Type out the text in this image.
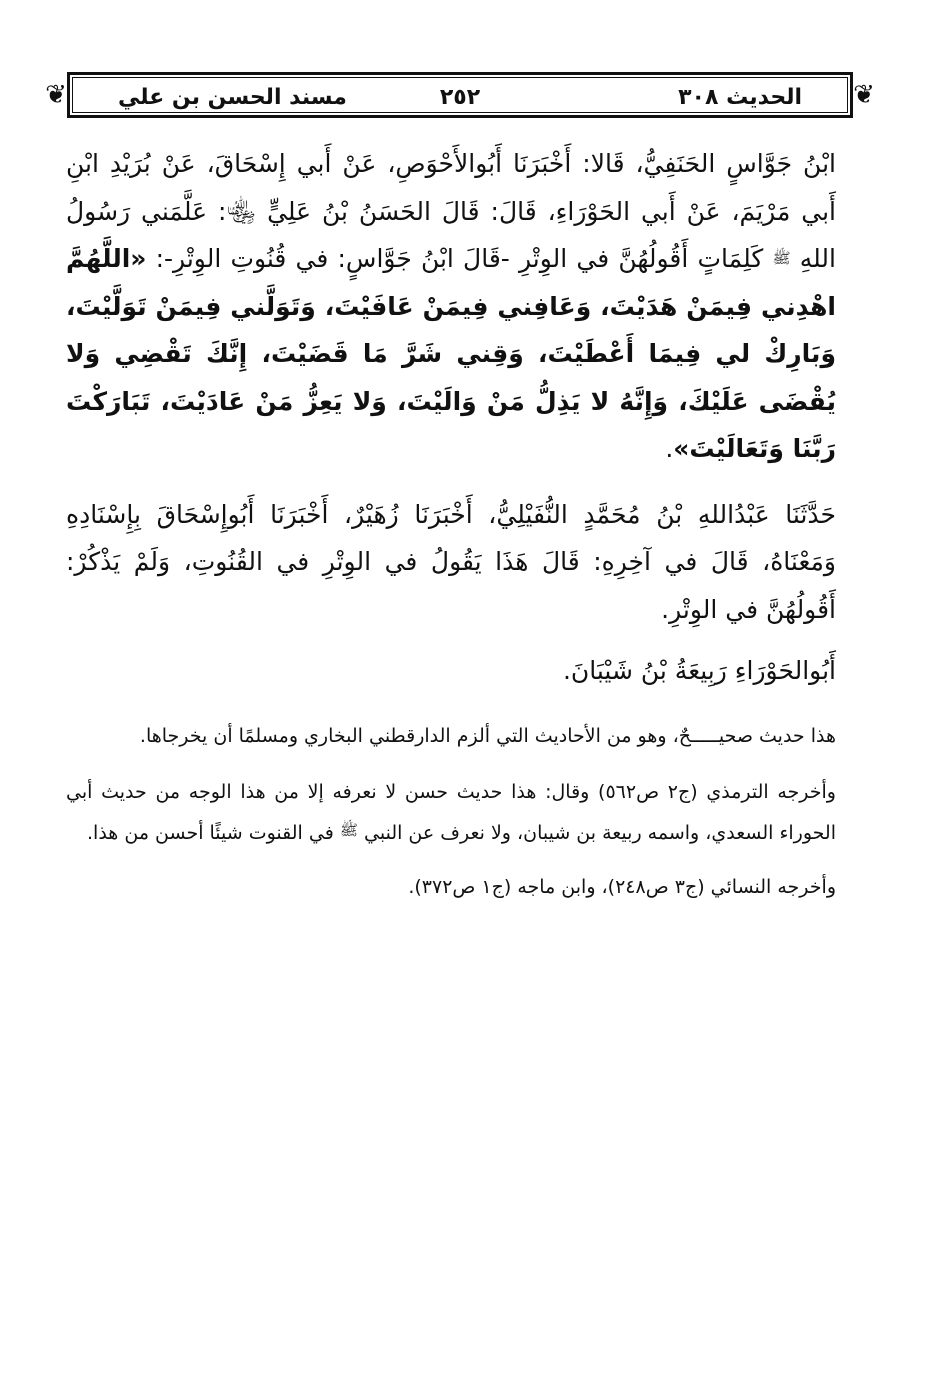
❦	الحديث ٣٠٨
٢٥٢
مسند الحسن بن علي	❦

ابْنُ جَوَّاسٍ الحَنَفِيُّ، قَالا: أَخْبَرَنَا أَبُوالأَحْوَصِ، عَنْ أَبي إِسْحَاقَ، عَنْ بُرَيْدِ ابْنِ أَبي مَرْيَمَ، عَنْ أَبي الحَوْرَاءِ، قَالَ: قَالَ الحَسَنُ بْنُ عَلِيٍّ ﵄: عَلَّمَني رَسُولُ اللهِ ﷺ كَلِمَاتٍ أَقُولُهُنَّ في الوِتْرِ -قَالَ ابْنُ جَوَّاسٍ: في قُنُوتِ الوِتْرِ-: «اللَّهُمَّ اهْدِني فِيمَنْ هَدَيْتَ، وَعَافِني فِيمَنْ عَافَيْتَ، وَتَوَلَّني فِيمَنْ تَوَلَّيْتَ، وَبَارِكْ لي فِيمَا أَعْطَيْتَ، وَقِني شَرَّ مَا قَضَيْتَ، إِنَّكَ تَقْضِي وَلا يُقْضَى عَلَيْكَ، وَإِنَّهُ لا يَذِلُّ مَنْ وَالَيْتَ، وَلا يَعِزُّ مَنْ عَادَيْتَ، تَبَارَكْتَ رَبَّنَا وَتَعَالَيْتَ».

حَدَّثَنَا عَبْدُاللهِ بْنُ مُحَمَّدٍ النُّفَيْلِيُّ، أَخْبَرَنَا زُهَيْرٌ، أَخْبَرَنَا أَبُوإِسْحَاقَ بِإِسْنَادِهِ وَمَعْنَاهُ، قَالَ في آخِرِهِ: قَالَ هَذَا يَقُولُ في الوِتْرِ في القُنُوتِ، وَلَمْ يَذْكُرْ: أَقُولُهُنَّ في الوِتْرِ.

أَبُوالحَوْرَاءِ رَبِيعَةُ بْنُ شَيْبَانَ.

هذا حديث صحيـــــحٌ، وهو من الأحاديث التي ألزم الدارقطني البخاري ومسلمًا أن يخرجاها.

وأخرجه الترمذي (ج٢ ص٥٦٢) وقال: هذا حديث حسن لا نعرفه إلا من هذا الوجه من حديث أبي الحوراء السعدي، واسمه ربيعة بن شيبان، ولا نعرف عن النبي $^ﷺ$ في القنوت شيئًا أحسن من هذا.

وأخرجه النسائي (ج٣ ص٢٤٨)، وابن ماجه (ج١ ص٣٧٢).
